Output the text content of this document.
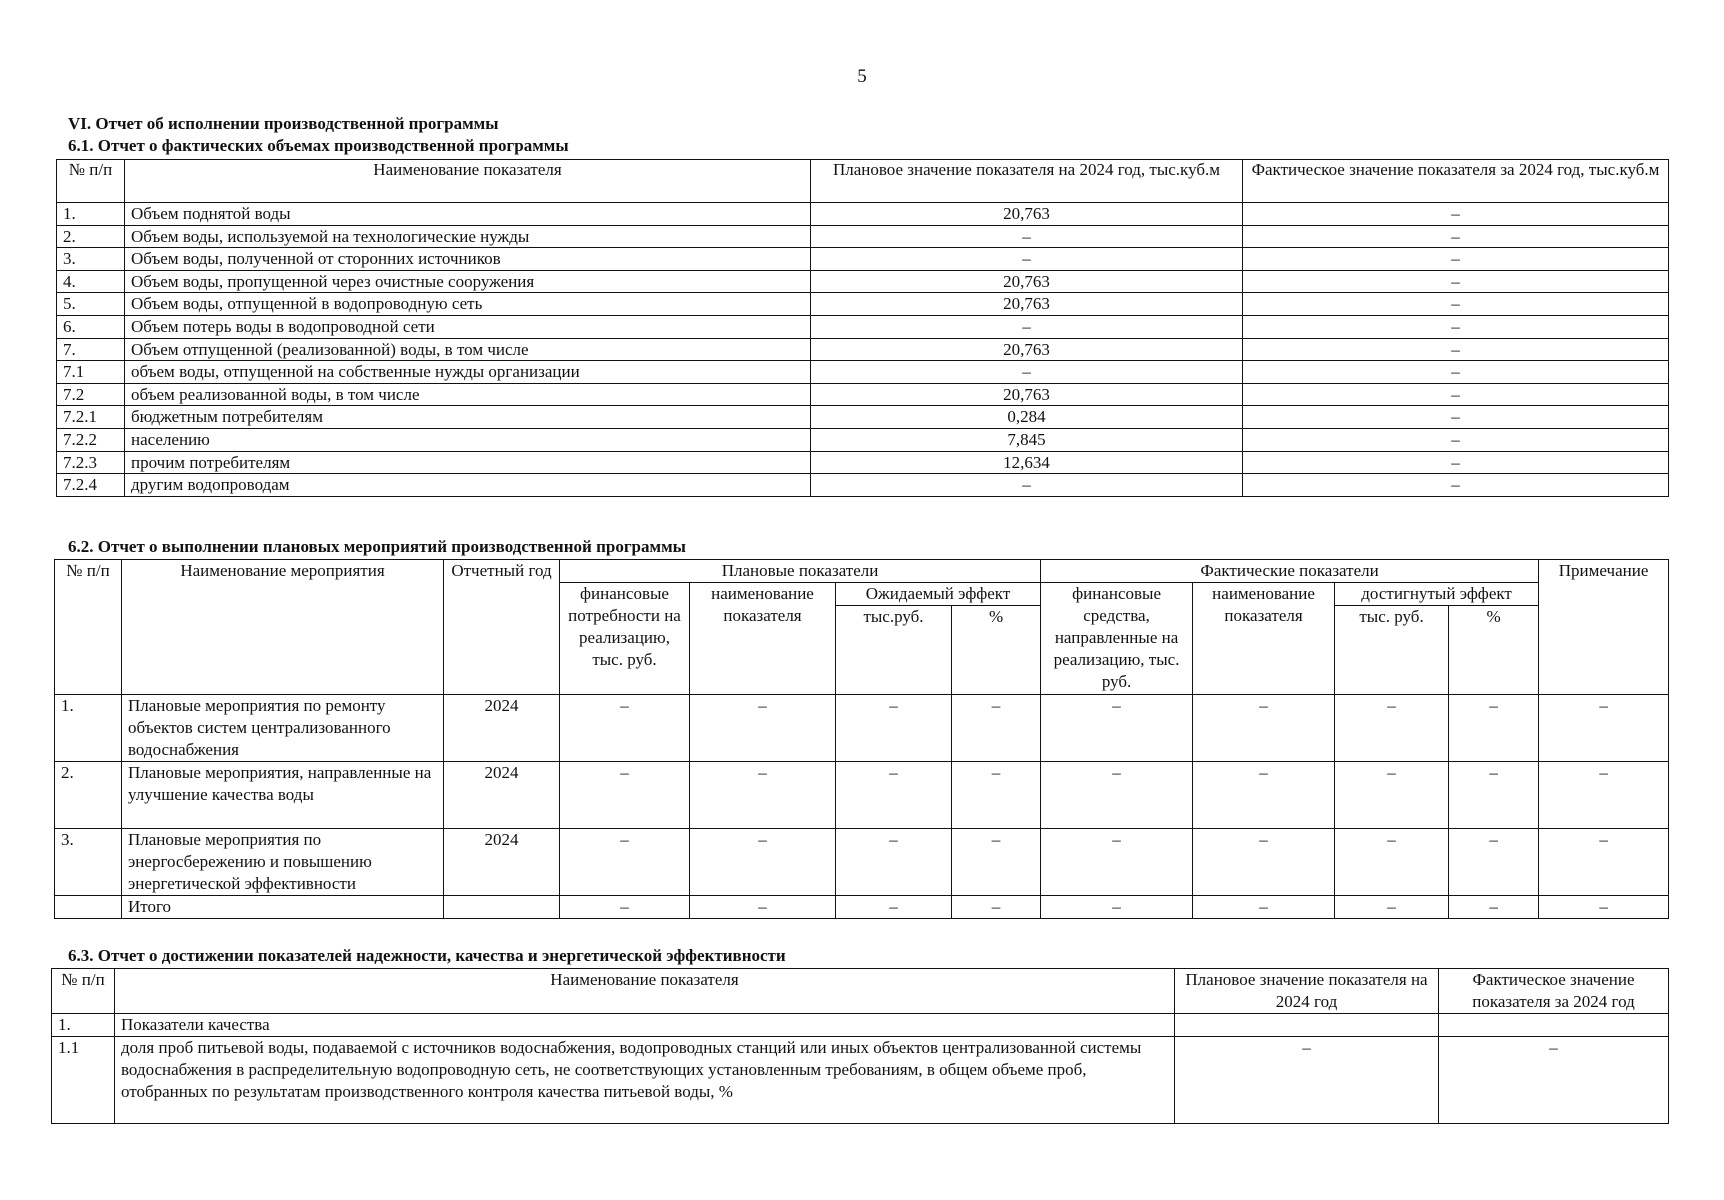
5
VI. Отчет об исполнении производственной программы
6.1. Отчет о фактических объемах производственной программы
№ п/п	Наименование показателя	Плановое значение показателя на 2024 год, тыс.куб.м	Фактическое значение показателя за 2024 год, тыс.куб.м
1.	Объем поднятой воды	20,763	–
2.	Объем воды, используемой на технологические нужды	–	–
3.	Объем воды, полученной от сторонних источников	–	–
4.	Объем воды, пропущенной через очистные сооружения	20,763	–
5.	Объем воды, отпущенной в водопроводную сеть	20,763	–
6.	Объем потерь воды в водопроводной сети	–	–
7.	Объем отпущенной (реализованной) воды, в том числе	20,763	–
7.1	объем воды, отпущенной на собственные нужды организации	–	–
7.2	объем реализованной воды, в том числе	20,763	–
7.2.1	бюджетным потребителям	0,284	–
7.2.2	населению	7,845	–
7.2.3	прочим потребителям	12,634	–
7.2.4	другим водопроводам	–	–
6.2. Отчет о выполнении плановых мероприятий производственной программы
№ п/п	Наименование мероприятия	Отчетный год	Плановые показатели				Фактические показатели				Примечание
			финансовые потребности на реализацию, тыс. руб.	наименование показателя	Ожидаемый эффект		финансовые средства, направленные на реализацию, тыс. руб.	наименование показателя	достигнутый эффект		
					тыс.руб.	%			тыс. руб.	%	
1.	Плановые мероприятия по ремонту объектов систем централизованного водоснабжения	2024	–	–	–	–	–	–	–	–	–
2.	Плановые мероприятия, направленные на улучшение качества воды	2024	–	–	–	–	–	–	–	–	–
3.	Плановые мероприятия по энергосбережению и повышению энергетической эффективности	2024	–	–	–	–	–	–	–	–	–
	Итого		–	–	–	–	–	–	–	–	–
6.3. Отчет о достижении показателей надежности, качества и энергетической эффективности
№ п/п	Наименование показателя	Плановое значение показателя на 2024 год	Фактическое значение показателя за 2024 год
1.	Показатели качества		
1.1	доля проб питьевой воды, подаваемой с источников водоснабжения, водопроводных станций или иных объектов централизованной системы водоснабжения в распределительную водопроводную сеть, не соответствующих установленным требованиям, в общем объеме проб, отобранных по результатам производственного контроля качества питьевой воды, %	–	–
